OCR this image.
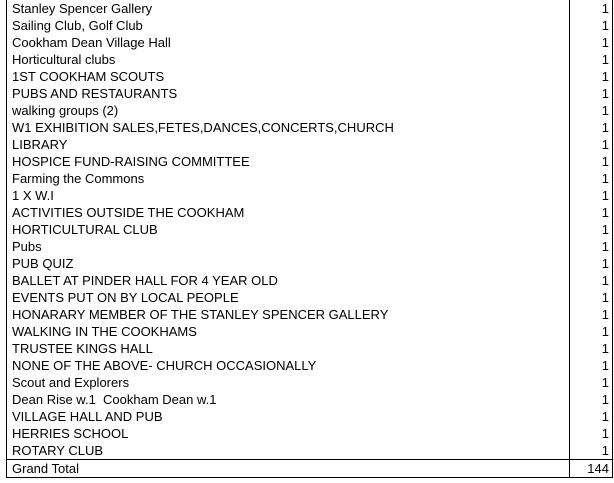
Stanley Spencer Gallery	1
Sailing Club, Golf Club	1
Cookham Dean Village Hall	1
Horticultural clubs	1
1ST COOKHAM SCOUTS	1
PUBS AND RESTAURANTS	1
walking groups (2)	1
W1 EXHIBITION SALES,FETES,DANCES,CONCERTS,CHURCH	1
LIBRARY	1
HOSPICE FUND-RAISING COMMITTEE	1
Farming the Commons	1
1 X W.I	1
ACTIVITIES OUTSIDE THE COOKHAM	1
HORTICULTURAL CLUB	1
Pubs	1
PUB QUIZ	1
BALLET AT PINDER HALL FOR 4 YEAR OLD	1
EVENTS PUT ON BY LOCAL PEOPLE	1
HONARARY MEMBER OF THE STANLEY SPENCER GALLERY	1
WALKING IN THE COOKHAMS	1
TRUSTEE KINGS HALL	1
NONE OF THE ABOVE- CHURCH OCCASIONALLY	1
Scout and Explorers	1
Dean Rise w.1  Cookham Dean w.1	1
VILLAGE HALL AND PUB	1
HERRIES SCHOOL	1
ROTARY CLUB	1
Grand Total	144
